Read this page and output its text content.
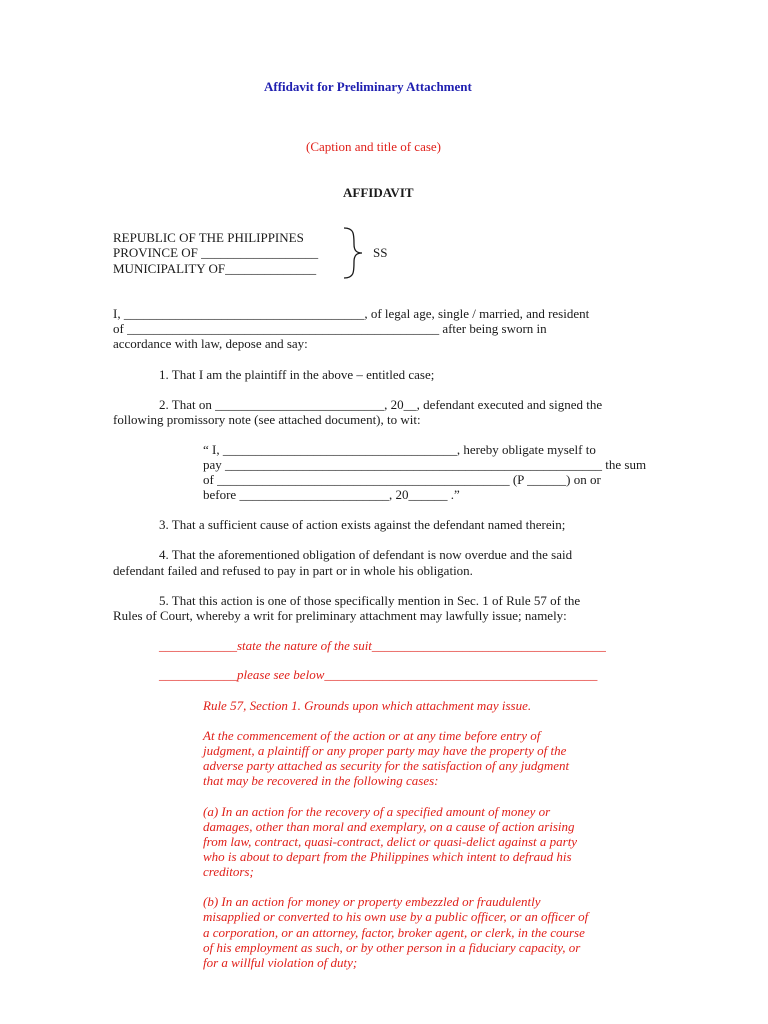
Affidavit for Preliminary Attachment
(Caption and title of case)
AFFIDAVIT
REPUBLIC OF THE PHILIPPINES
PROVINCE OF __________________
MUNICIPALITY OF______________
SS
I, _____________________________________, of legal age, single / married, and resident
of ________________________________________________ after being sworn in
accordance with law, depose and say:
1. That I am the plaintiff in the above – entitled case;
2. That on __________________________, 20__, defendant executed and signed the
following promissory note (see attached document), to wit:
“ I, ____________________________________, hereby obligate myself to
pay __________________________________________________________ the sum
of _____________________________________________ (P ______) on or
before _______________________, 20______ .”
3. That a sufficient cause of action exists against the defendant named therein;
4. That the aforementioned obligation of defendant is now overdue and the said
defendant failed and refused to pay in part or in whole his obligation.
5. That this action is one of those specifically mention in Sec. 1 of Rule 57 of the
Rules of Court, whereby a writ for preliminary attachment may lawfully issue; namely:
____________state the nature of the suit____________________________________
____________please see below__________________________________________
Rule 57, Section 1. Grounds upon which attachment may issue.
At the commencement of the action or at any time before entry of
judgment, a plaintiff or any proper party may have the property of the
adverse party attached as security for the satisfaction of any judgment
that may be recovered in the following cases:
(a) In an action for the recovery of a specified amount of money or
damages, other than moral and exemplary, on a cause of action arising
from law, contract, quasi-contract, delict or quasi-delict against a party
who is about to depart from the Philippines which intent to defraud his
creditors;
(b) In an action for money or property embezzled or fraudulently
misapplied or converted to his own use by a public officer, or an officer of
a corporation, or an attorney, factor, broker agent, or clerk, in the course
of his employment as such, or by other person in a fiduciary capacity, or
for a willful violation of duty;
